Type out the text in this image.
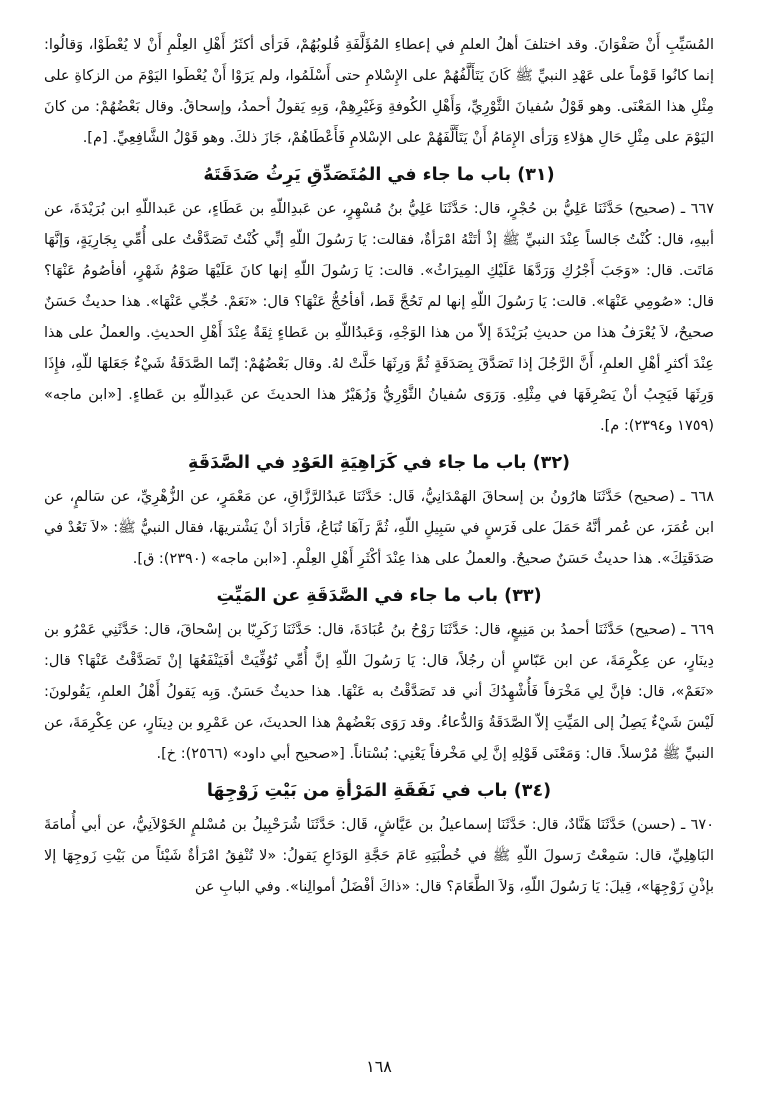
المُسَيِّبِ أَنْ صَفْوَانَ. وقد اختلفَ أهلُ العلمِ في إعطاءِ المُؤَلَّفَةِ قُلوبُهُمْ، فَرَأى أكثَرُ أَهْلِ العِلْمِ أَنْ لا يُعْطَوْا، وَقالُوا: إنما كانُوا قَوْماً على عَهْدِ النبيِّ ﷺ كَانَ يَتَأَلَّفُهُمْ على الإِسْلامِ حتى أَسْلَمُوا، ولم يَرَوْا أَنْ يُعْطَوا اليَوْمَ من الزكاةِ على مِثْلِ هذا المَعْنَى. وهو قَوْلُ سُفيانَ الثَّوْرِيِّ، وَأَهْلِ الكُوفةِ وَغَيْرِهِمْ، وَبِهِ يَقولُ أحمدُ، وإسحاقُ. وقال بَعْضُهُمْ: من كانَ اليَوْمَ على مِثْلِ حَالِ هؤلاءِ وَرَأى الإِمَامُ أَنْ يَتَأَلَّفَهُمْ على الإسْلامِ فَأَعْطَاهُمْ، جَازَ ذلكَ. وهو قَوْلُ الشَّافِعِيِّ. [م].

(٣١) باب ما جاء في المُتَصَدِّقِ يَرِثُ صَدَقَتَهُ

٦٦٧ ـ (صحيح) حَدَّثَنَا عَلِيُّ بن حُجْرٍ، قال: حَدَّثَنَا عَلِيُّ بنُ مُسْهِرٍ، عن عَبدِاللّهِ بن عَطَاءٍ، عن عَبداللّهِ ابن بُرَيْدَةَ، عن أبيهِ، قال: كُنْتُ جَالساً عِنْدَ النبيِّ ﷺ إذْ أتَتْهُ امْرَأةٌ، فقالت: يَا رَسُولَ اللّهِ إنِّي كُنْتُ تَصَدَّقْتُ على أُمِّي بِجَارِيَةٍ، وَإنَّهَا مَاتَت. قال: «وَجَبَ أَجْرُكِ وَرَدَّهَا عَلَيْكِ المِيرَاثُ». قالت: يَا رَسُولَ اللّهِ إنها كانَ عَلَيْهَا صَوْمُ شَهْرٍ، أفأصُومُ عَنْهَا؟ قال: «صُومِي عَنْهَا». قالت: يَا رَسُولَ اللّهِ إنها لم تَحُجَّ قَط، أفأحُجُّ عَنْهَا؟ قال: «نَعَمْ. حُجِّي عَنْهَا». هذا حديثٌ حَسَنٌ صحيحٌ، لاَ يُعْرَفُ هذا من حديثِ بُرَيْدَةَ إلاّ من هذا الوَجْهِ، وَعَبدُاللّهِ بن عَطاءٍ ثِقَةٌ عِنْدَ أَهْلِ الحديثِ. والعملُ على هذا عِنْدَ أكثرِ أهْلِ العلمِ، أَنَّ الرَّجُلَ إذا تَصَدَّقَ بِصَدَقَةٍ ثُمَّ وَرِثَهَا حَلَّتْ لهُ. وقال بَعْضُهُمْ: إنّما الصَّدَقَةُ شَيْءٌ جَعَلهَا للّهِ، فإِذَا وَرِثَهَا فَيَجِبُ أنْ يَصْرِفَهَا في مِثْلِهِ. وَرَوَى سُفيانُ الثَّوْرِيُّ وَزُهَيْرٌ هذا الحديثَ عن عَبدِاللّهِ بن عَطاءٍ. [«ابن ماجه» (١٧٥٩ و٢٣٩٤): م].

(٣٢) باب ما جاء في كَرَاهِيَةِ العَوْدِ في الصَّدَقَةِ

٦٦٨ ـ (صحيح) حَدَّثَنَا هارُونُ بن إسحاقَ الهَمْدَانِيُّ، قَال: حَدَّثَنَا عَبدُالرَّزَّاقِ، عن مَعْمَرٍ، عن الزُّهْرِيِّ، عن سَالمٍ، عن ابن عُمَرَ، عن عُمر أنَّهُ حَمَلَ على فَرَسٍ في سَبِيلِ اللّهِ، ثُمَّ رَآهَا تُبَاعُ، فَأرَادَ أنْ يَشْتريهَا، فقال النبيُّ ﷺ: «لاَ تَعُدْ في صَدَقَتِكَ». هذا حديثٌ حَسَنٌ صحيحٌ. والعملُ على هذا عِنْدَ أكْثَرِ أَهْلِ العِلْمِ. [«ابن ماجه» (٢٣٩٠): ق].

(٣٣) باب ما جاء في الصَّدَقَةِ عن المَيِّتِ

٦٦٩ ـ (صحيح) حَدَّثَنَا أحمدُ بن مَنِيعٍ، قال: حَدَّثَنَا رَوْحُ بنُ عُبَادَةَ، قال: حَدَّثَنَا زَكَرِيّا بن إسْحاقَ، قال: حَدَّثَنِي عَمْرُو بن دِينَارٍ، عن عِكْرِمَةَ، عن ابن عَبّاسٍ أن رجُلاً، قال: يَا رَسُولَ اللّهِ إنَّ أُمِّي تُوُفِّيَتْ أفَيَنْفَعُهَا إنْ تَصَدَّقْتُ عَنْهَا؟ قال: «نَعَمْ»، قال: فإنَّ لِي مَخْرَفاً فَأُشْهِدُكَ أني قد تَصَدَّقْتُ به عَنْهَا. هذا حديثٌ حَسَنٌ. وَبِه يَقولُ أَهْلُ العلمِ، يَقُولونَ: لَيْسَ شَيْءٌ يَصِلُ إلى المَيِّتِ إلاّ الصَّدَقَةُ وَالدُّعاءُ. وقد رَوَى بَعْضُهمْ هذا الحديثَ، عن عَمْرِو بن دِينَارٍ، عن عِكْرِمَةَ، عن النبيِّ ﷺ مُرْسلاً. قال: وَمَعْنَى قَوْلِهِ إنَّ لِي مَخْرفاً يَعْنِي: بُسْتاناً. [«صحيح أبي داود» (٢٥٦٦): خ].

(٣٤) باب في نَفَقَةِ المَرْأةِ من بَيْتِ زَوْجِهَا

٦٧٠ ـ (حسن) حَدَّثَنَا هَنَّادٌ، قال: حَدَّثَنَا إسماعيلُ بن عَيَّاشٍ، قَال: حَدَّثَنَا شُرَحْبِيلُ بن مُسْلمٍ الخَوْلاَنِيُّ، عن أبي أُمامَةَ البَاهِلِيِّ، قال: سَمِعْتُ رَسولَ اللّهِ ﷺ في خُطْبَتِهِ عَامَ حَجَّةِ الوَدَاعِ يَقولُ: «لا تُنْفِقُ امْرَأةٌ شَيْئاً من بَيْتِ زَوجِهَا إلا بإذْنِ زَوْجِهَا»، قِيلَ: يَا رَسُولَ اللّهِ، وَلاَ الطَّعَامَ؟ قال: «ذاكَ أفْضَلُ أموالِنا». وفي البابِ عن

١٦٨
